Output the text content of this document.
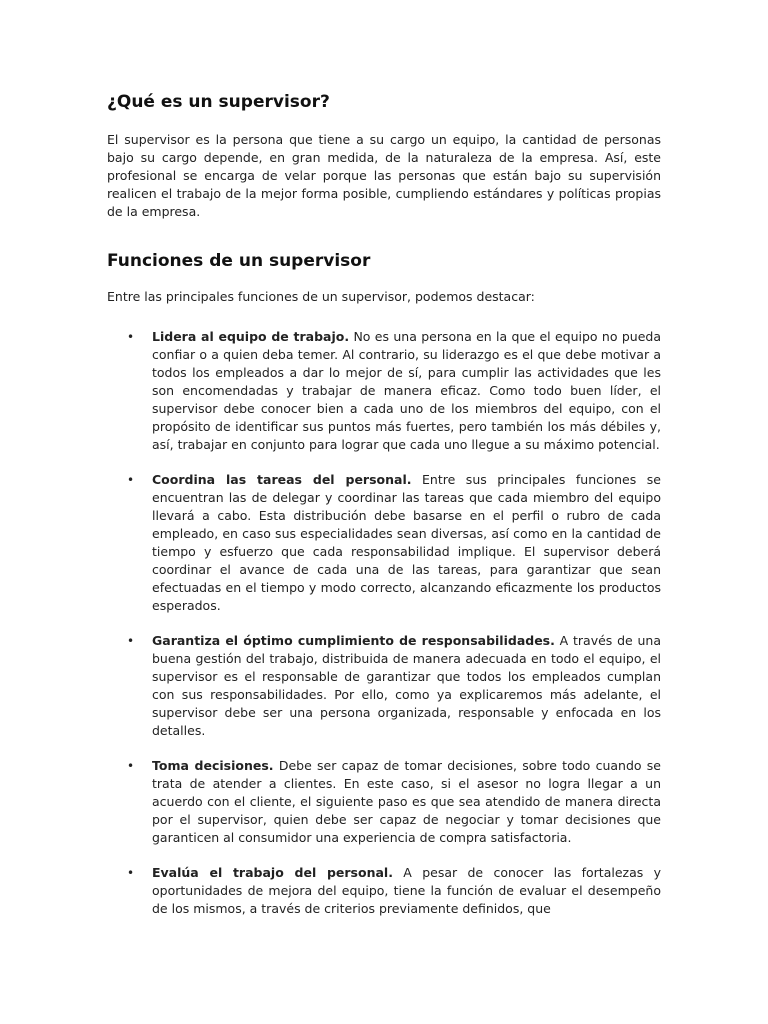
¿Qué es un supervisor?

El supervisor es la persona que tiene a su cargo un equipo, la cantidad de personas bajo su cargo depende, en gran medida, de la naturaleza de la empresa. Así, este profesional se encarga de velar porque las personas que están bajo su supervisión realicen el trabajo de la mejor forma posible, cumpliendo estándares y políticas propias de la empresa.

Funciones de un supervisor

Entre las principales funciones de un supervisor, podemos destacar:

• Lidera al equipo de trabajo. No es una persona en la que el equipo no pueda confiar o a quien deba temer. Al contrario, su liderazgo es el que debe motivar a todos los empleados a dar lo mejor de sí, para cumplir las actividades que les son encomendadas y trabajar de manera eficaz. Como todo buen líder, el supervisor debe conocer bien a cada uno de los miembros del equipo, con el propósito de identificar sus puntos más fuertes, pero también los más débiles y, así, trabajar en conjunto para lograr que cada uno llegue a su máximo potencial.
• Coordina las tareas del personal. Entre sus principales funciones se encuentran las de delegar y coordinar las tareas que cada miembro del equipo llevará a cabo. Esta distribución debe basarse en el perfil o rubro de cada empleado, en caso sus especialidades sean diversas, así como en la cantidad de tiempo y esfuerzo que cada responsabilidad implique. El supervisor deberá coordinar el avance de cada una de las tareas, para garantizar que sean efectuadas en el tiempo y modo correcto, alcanzando eficazmente los productos esperados.
• Garantiza el óptimo cumplimiento de responsabilidades. A través de una buena gestión del trabajo, distribuida de manera adecuada en todo el equipo, el supervisor es el responsable de garantizar que todos los empleados cumplan con sus responsabilidades. Por ello, como ya explicaremos más adelante, el supervisor debe ser una persona organizada, responsable y enfocada en los detalles.
• Toma decisiones. Debe ser capaz de tomar decisiones, sobre todo cuando se trata de atender a clientes. En este caso, si el asesor no logra llegar a un acuerdo con el cliente, el siguiente paso es que sea atendido de manera directa por el supervisor, quien debe ser capaz de negociar y tomar decisiones que garanticen al consumidor una experiencia de compra satisfactoria.
• Evalúa el trabajo del personal. A pesar de conocer las fortalezas y oportunidades de mejora del equipo, tiene la función de evaluar el desempeño de los mismos, a través de criterios previamente definidos, que
